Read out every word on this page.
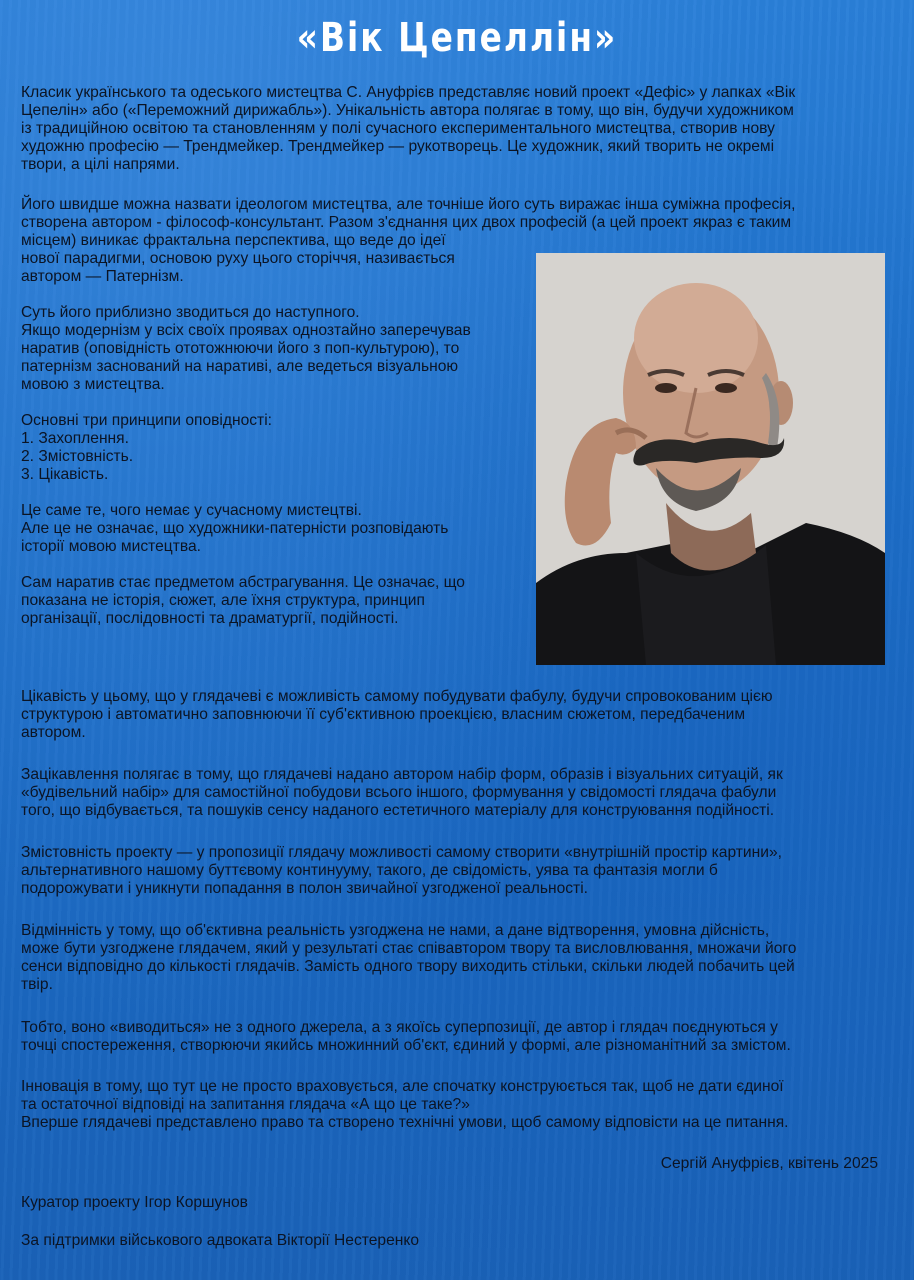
«Вік Цепеллін»
Класик українського та одеського мистецтва С. Ануфрієв представляє новий проект «Дефіс» у лапках «Вік
Цепелін» або («Переможний дирижабль»). Унікальність автора полягає в тому, що він, будучи художником
із традиційною освітою та становленням у полі сучасного експериментального мистецтва, створив нову
художню професію — Трендмейкер. Трендмейкер — рукотворець. Це художник, який творить не окремі
твори, а цілі напрями.
Його швидше можна назвати ідеологом мистецтва, але точніше його суть виражає інша суміжна професія,
створена автором - філософ-консультант. Разом з'єднання цих двох професій (а цей проект якраз є таким
місцем) виникає фрактальна перспектива, що веде до ідеї
нової парадигми, основою руху цього сторіччя, називається
автором — Патернізм.
Суть його приблизно зводиться до наступного.
Якщо модернізм у всіх своїх проявах однозтайно заперечував
наратив (оповідність ототожнюючи його з поп-культурою), то
патернізм заснований на наративі, але ведеться візуальною
мовою з мистецтва.
Основні три принципи оповідності:
1. Захоплення.
2. Змістовність.
3. Цікавість.
Це саме те, чого немає у сучасному мистецтві.
Але це не означає, що художники-патерністи розповідають
історії мовою мистецтва.
Сам наратив стає предметом абстрагування. Це означає, що
показана не історія, сюжет, але їхня структура, принцип
організації, послідовності та драматургії, подійності.
Цікавість у цьому, що у глядачеві є можливість самому побудувати фабулу, будучи спровокованим цією
структурою і автоматично заповнюючи її суб'єктивною проекцією, власним сюжетом, передбаченим
автором.
Зацікавлення полягає в тому, що глядачеві надано автором набір форм, образів і візуальних ситуацій, як
«будівельний набір» для самостійної побудови всього іншого, формування у свідомості глядача фабули
того, що відбувається, та пошуків сенсу наданого естетичного матеріалу для конструювання подійності.
Змістовність проекту — у пропозиції глядачу можливості самому створити «внутрішній простір картини»,
альтернативного нашому буттєвому континууму, такого, де свідомість, уява та фантазія могли б
подорожувати і уникнути попадання в полон звичайної узгодженої реальності.
Відмінність у тому, що об'єктивна реальність узгоджена не нами, а дане відтворення, умовна дійсність,
може бути узгоджене глядачем, який у результаті стає співавтором твору та висловлювання, множачи його
сенси відповідно до кількості глядачів. Замість одного твору виходить стільки, скільки людей побачить цей
твір.
Тобто, воно «виводиться» не з одного джерела, а з якоїсь суперпозиції, де автор і глядач поєднуються у
точці спостереження, створюючи якийсь множинний об'єкт, єдиний у формі, але різноманітний за змістом.
Інновація в тому, що тут це не просто враховується, але спочатку конструюється так, щоб не дати єдиної
та остаточної відповіді на запитання глядача «А що це таке?»
Вперше глядачеві представлено право та створено технічні умови, щоб самому відповісти на це питання.
Сергій Ануфрієв, квітень 2025
Куратор проекту Ігор Коршунов
За підтримки військового адвоката Вікторії Нестеренко
